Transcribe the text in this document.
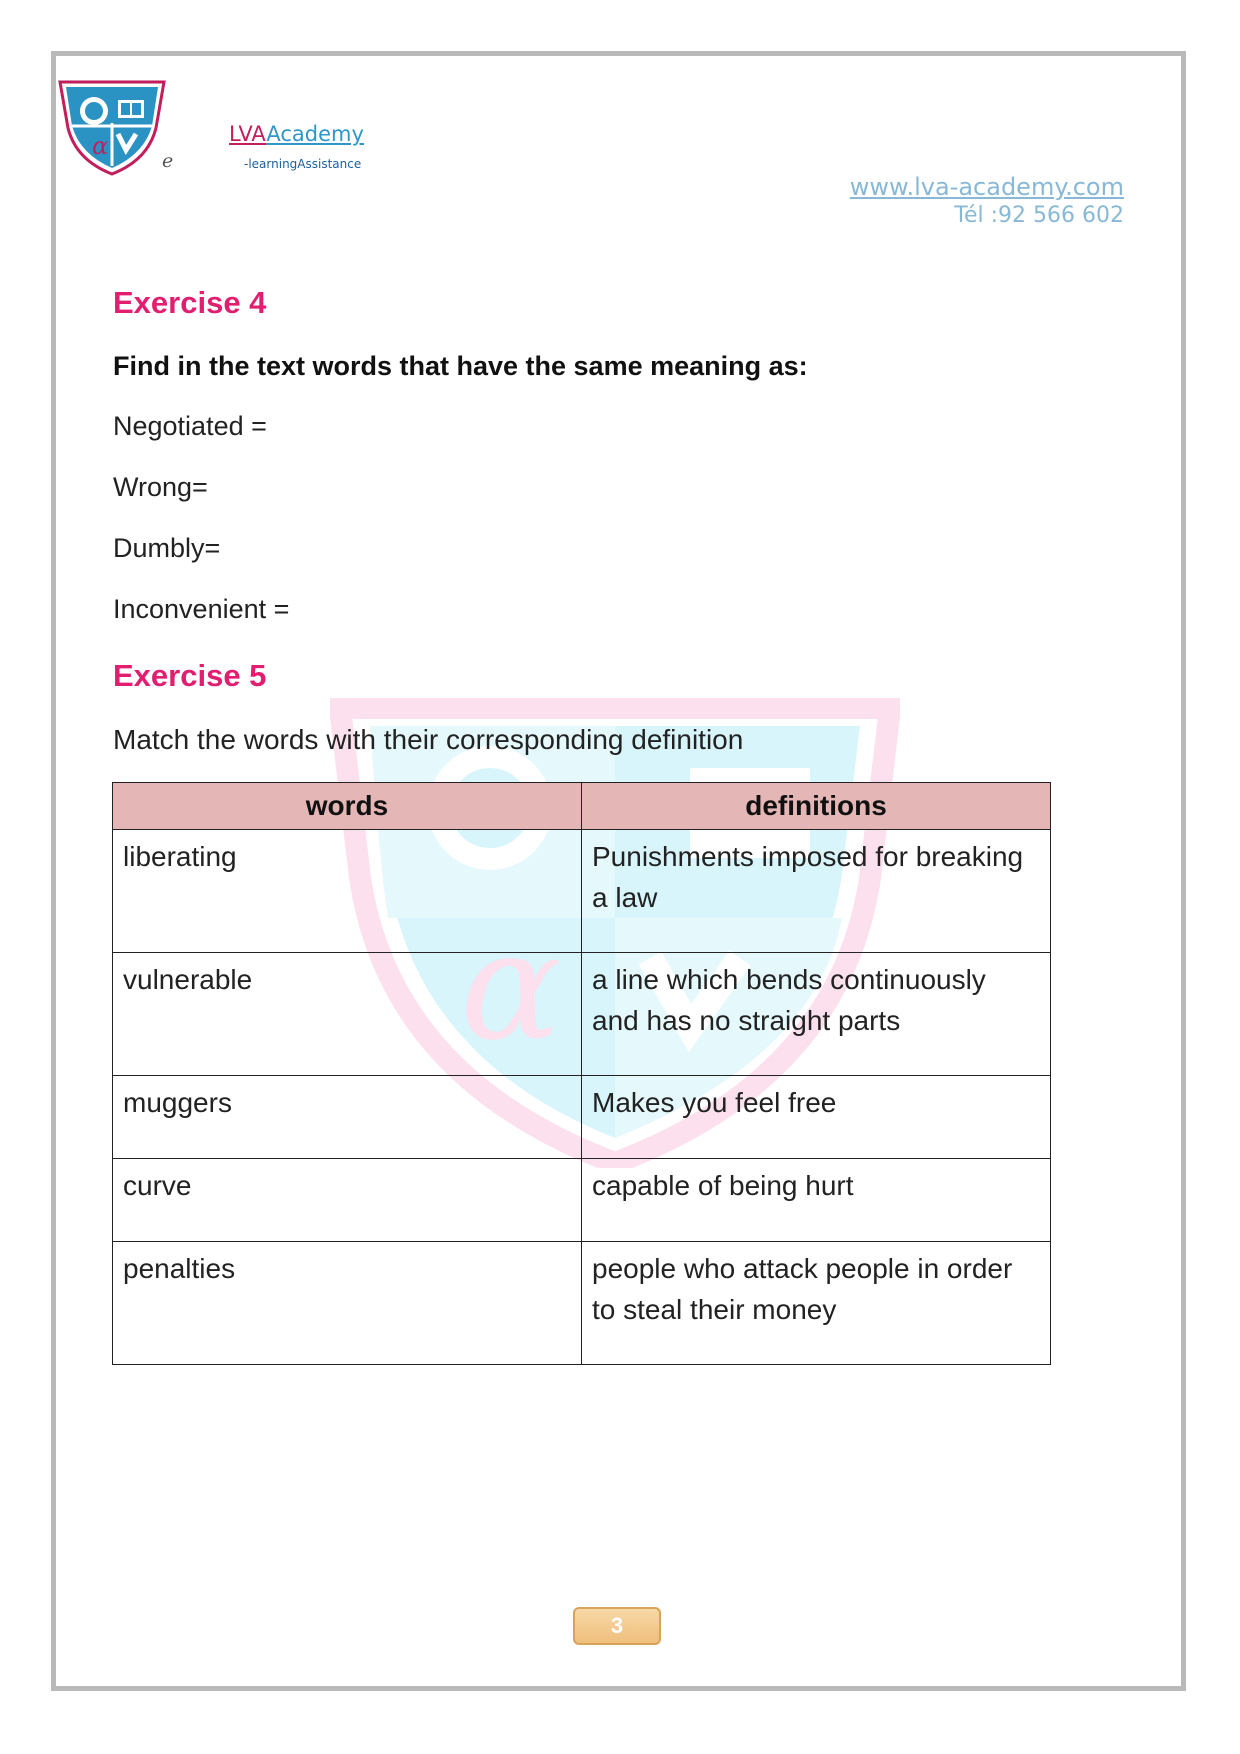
α	LVAAcademy
-learningAssistance
e
www.lva-academy.com
Tél :92 566 602
α
Exercise 4
Find in the text words that have the same meaning as:
Negotiated =
Wrong=
Dumbly=
Inconvenient =
Exercise 5
Match the words with their corresponding definition
words	definitions
liberating	Punishments imposed for breaking a law
vulnerable	a line which bends continuously and has no straight parts
muggers	Makes you feel free
curve	capable of being hurt
penalties	people who attack people in order to steal their money
3
